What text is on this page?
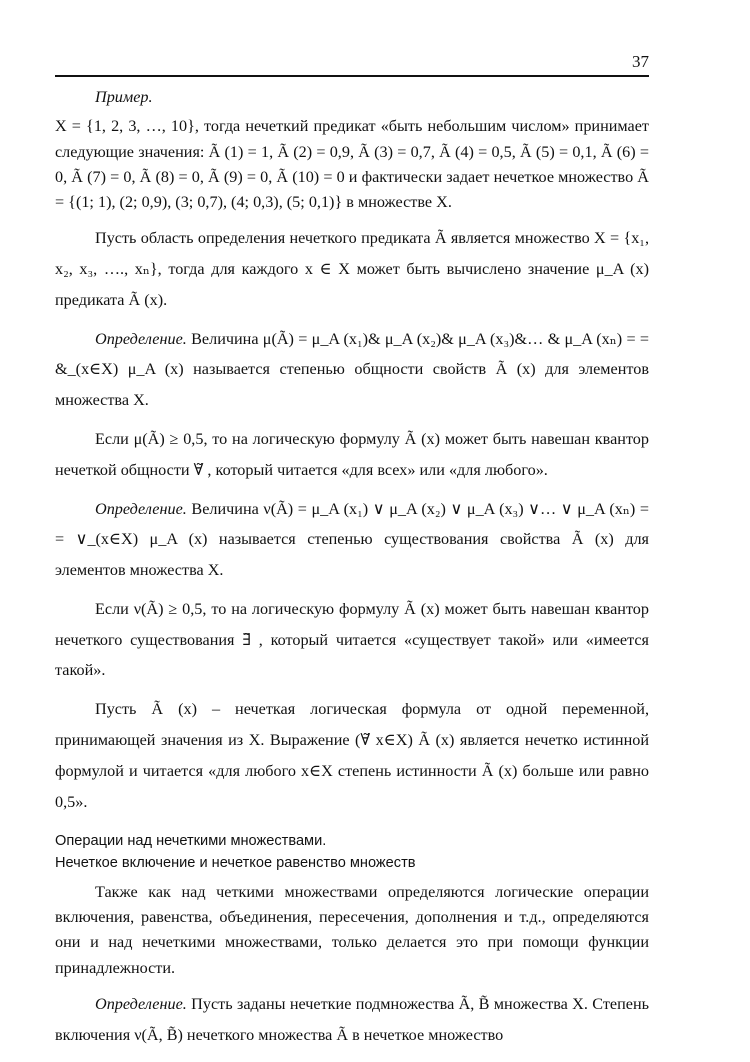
37

Пример.

X = {1, 2, 3, …, 10}, тогда нечеткий предикат «быть небольшим числом» принимает следующие значения: Ã (1) = 1, Ã (2) = 0,9, Ã (3) = 0,7, Ã (4) = 0,5, Ã (5) = 0,1, Ã (6) = 0, Ã (7) = 0, Ã (8) = 0, Ã (9) = 0, Ã (10) = 0 и фактически задает нечеткое множество Ã = {(1; 1), (2; 0,9), (3; 0,7), (4; 0,3), (5; 0,1)} в множестве X.

Пусть область определения нечеткого предиката Ã является множество X = {x₁, x₂, x₃, …., xₙ}, тогда для каждого x ∈ X может быть вычислено значение μ_A (x) предиката Ã (x).

Определение. Величина μ(Ã) = μ_A (x₁)& μ_A (x₂)& μ_A (x₃)&… & μ_A (xₙ) = = &_(x∈X) μ_A (x) называется степенью общности свойств Ã (x) для элементов множества X.

Если μ(Ã) ≥ 0,5, то на логическую формулу Ã (x) может быть навешан квантор нечеткой общности ∀̃ , который читается «для всех» или «для любого».

Определение. Величина ν(Ã) = μ_A (x₁) ∨ μ_A (x₂) ∨ μ_A (x₃) ∨… ∨ μ_A (xₙ) = = ∨_(x∈X) μ_A (x) называется степенью существования свойства Ã (x) для элементов множества X.

Если ν(Ã) ≥ 0,5, то на логическую формулу Ã (x) может быть навешан квантор нечеткого существования ∃̃ , который читается «существует такой» или «имеется такой».

Пусть Ã (x) – нечеткая логическая формула от одной переменной, принимающей значения из X. Выражение (∀̃ x∈X) Ã (x) является нечетко истинной формулой и читается «для любого x∈X степень истинности Ã (x) больше или равно 0,5».

Операции над нечеткими множествами.
Нечеткое включение и нечеткое равенство множеств

Также как над четкими множествами определяются логические операции включения, равенства, объединения, пересечения, дополнения и т.д., определяются они и над нечеткими множествами, только делается это при помощи функции принадлежности.

Определение. Пусть заданы нечеткие подмножества Ã, B̃ множества X. Степень включения ν(Ã, B̃) нечеткого множества Ã в нечеткое множество
